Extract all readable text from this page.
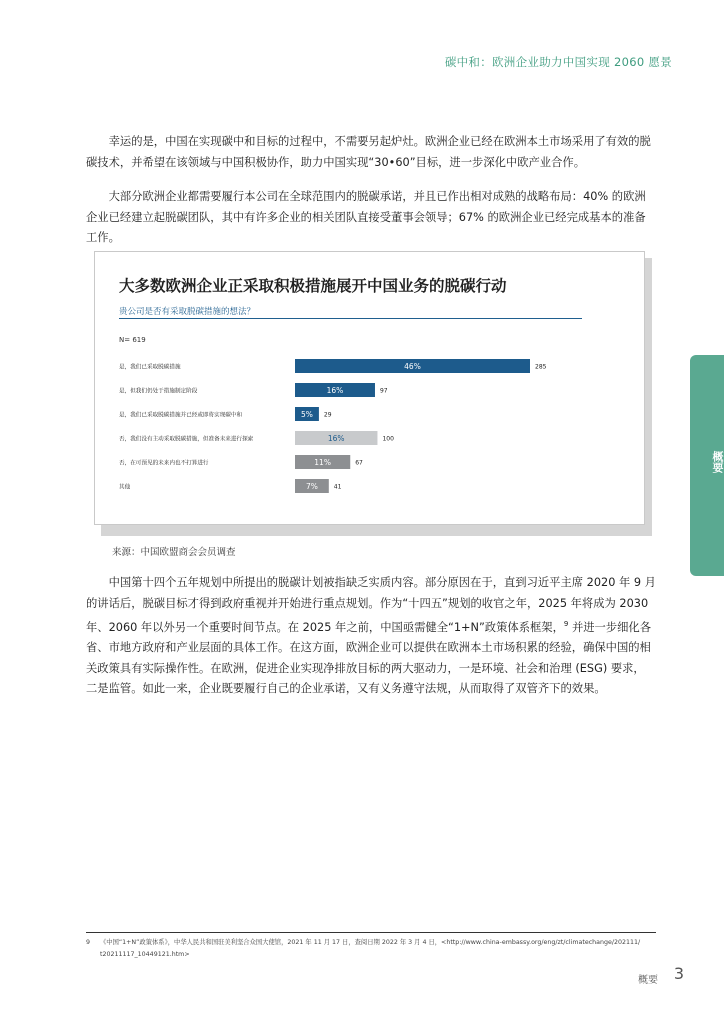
碳中和：欧洲企业助力中国实现 2060 愿景

幸运的是，中国在实现碳中和目标的过程中，不需要另起炉灶。欧洲企业已经在欧洲本土市场采用了有效的脱碳技术，并希望在该领域与中国积极协作，助力中国实现“30•60”目标，进一步深化中欧产业合作。

大部分欧洲企业都需要履行本公司在全球范围内的脱碳承诺，并且已作出相对成熟的战略布局：40% 的欧洲企业已经建立起脱碳团队，其中有许多企业的相关团队直接受董事会领导；67% 的欧洲企业已经完成基本的准备工作。

概要
大多数欧洲企业正采取积极措施展开中国业务的脱碳行动
贵公司是否有采取脱碳措施的想法？
N= 619
是，我们已采取脱碳措施	46%	285
是，但我们仍处于措施制定阶段	16%	97
是，我们已采取脱碳措施并已经或即将实现碳中和	5% 29
否，我们没有主动采取脱碳措施，但准备未来进行探索	16%	100
否，在可预见的未来内也不打算进行	11%	67
其他	7%	41
来源：中国欧盟商会会员调查

中国第十四个五年规划中所提出的脱碳计划被指缺乏实质内容。部分原因在于，直到习近平主席 2020 年 9 月的讲话后，脱碳目标才得到政府重视并开始进行重点规划。作为“十四五”规划的收官之年，2025 年将成为 2030 年、2060 年以外另一个重要时间节点。在 2025 年之前，中国亟需健全“1+N”政策体系框架，$^9$ 并进一步细化各省、市地方政府和产业层面的具体工作。在这方面，欧洲企业可以提供在欧洲本土市场积累的经验，确保中国的相关政策具有实际操作性。在欧洲，促进企业实现净排放目标的两大驱动力，一是环境、社会和治理 (ESG) 要求，二是监管。如此一来，企业既要履行自己的企业承诺，又有义务遵守法规，从而取得了双管齐下的效果。

9 《中国“1+N”政策体系》，中华人民共和国驻美利坚合众国大使馆，2021 年 11 月 17 日，查阅日期 2022 年 3 月 4 日，<http://www.china-embassy.org/eng/zt/climatechange/202111/
t20211117_10449121.htm>
概要 3
